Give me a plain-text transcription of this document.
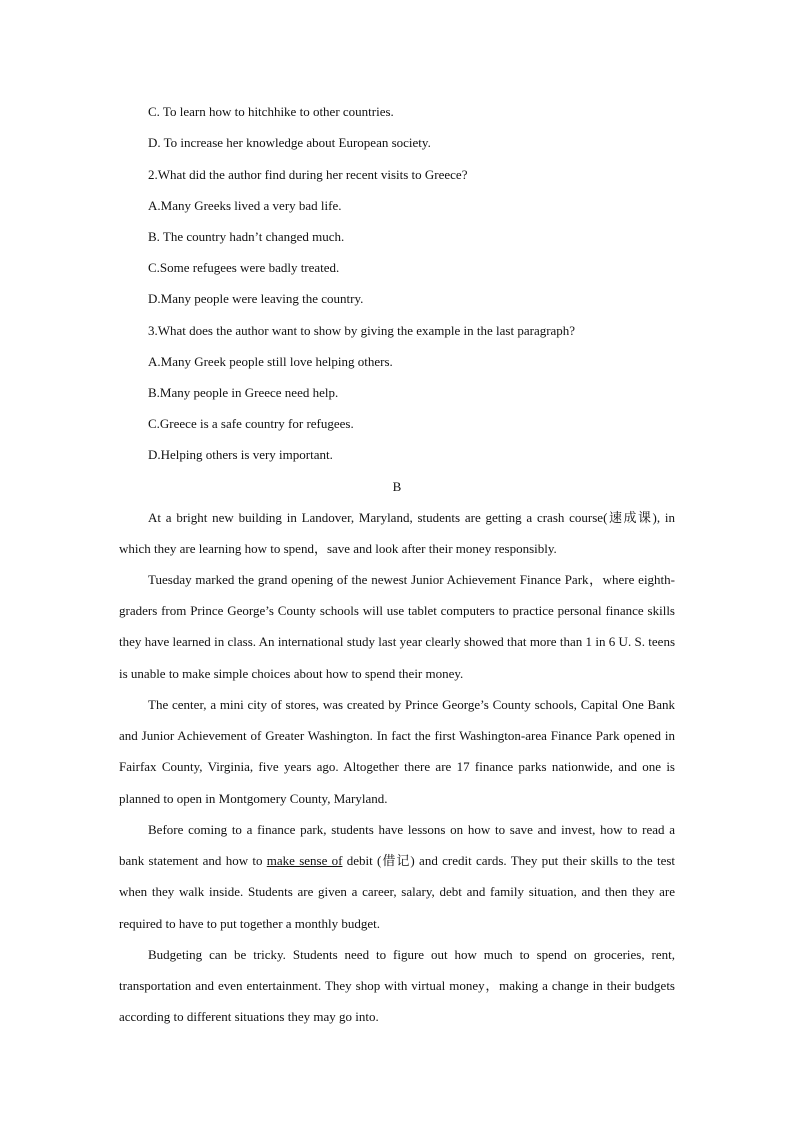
C. To learn how to hitchhike to other countries.
D. To increase her knowledge about European society.
2.What did the author find during her recent visits to Greece?
A.Many Greeks lived a very bad life.
B. The country hadn’t changed much.
C.Some refugees were badly treated.
D.Many people were leaving the country.
3.What does the author want to show by giving the example in the last paragraph?
A.Many Greek people still love helping others.
B.Many people in Greece need help.
C.Greece is a safe country for refugees.
D.Helping others is very important.
B
At a bright new building in Landover, Maryland, students are getting a crash course(速成课), in which they are learning how to spend，save and look after their money responsibly.
Tuesday marked the grand opening of the newest Junior Achievement Finance Park，where eighth-graders from Prince George’s County schools will use tablet computers to practice personal finance skills they have learned in class. An international study last year clearly showed that more than 1 in 6 U. S. teens is unable to make simple choices about how to spend their money.
The center, a mini city of stores, was created by Prince George’s County schools, Capital One Bank and Junior Achievement of Greater Washington. In fact the first Washington-area Finance Park opened in Fairfax County, Virginia, five years ago. Altogether there are 17 finance parks nationwide, and one is planned to open in Montgomery County, Maryland.
Before coming to a finance park, students have lessons on how to save and invest, how to read a bank statement and how to make sense of debit (借记) and credit cards. They put their skills to the test when they walk inside. Students are given a career, salary, debt and family situation, and then they are required to have to put together a monthly budget.
Budgeting can be tricky. Students need to figure out how much to spend on groceries, rent, transportation and even entertainment. They shop with virtual money，making a change in their budgets according to different situations they may go into.
